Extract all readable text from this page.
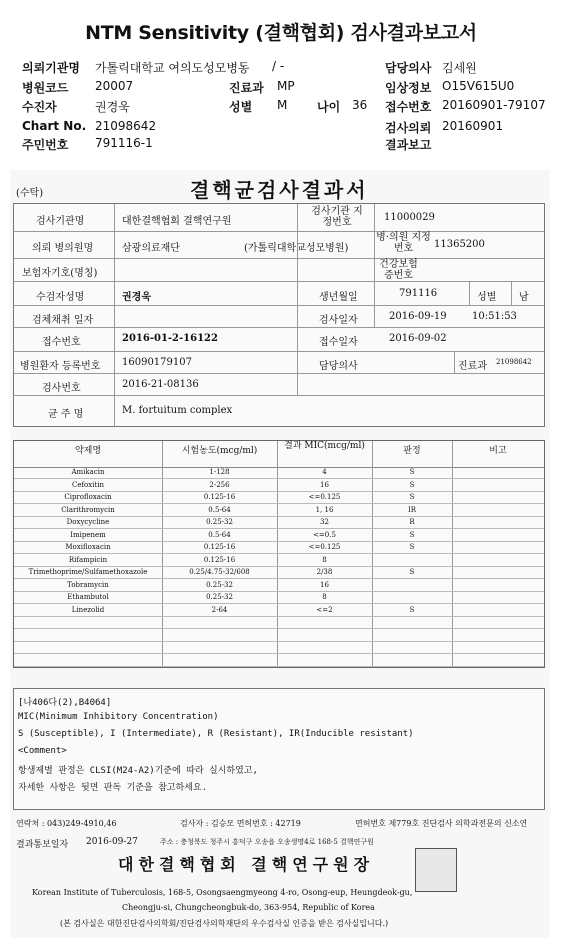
NTM Sensitivity (결핵협회) 검사결과보고서
의뢰기관명 가톨릭대학교 여의도성모병동 / -	담당의사 김세원
병원코드 20007	진료과 MP	임상정보 O15V615U0
수진자	권경욱	성별 M 나이 36 접수번호 20160901-79107
Chart No. 21098642	검사의뢰 20160901
주민번호 791116-1	결과보고
(수탁)	결핵균검사결과서
검사기관명	대한결핵협회 결핵연구원
검사기관 지정번호	11000029
의뢰 병의원명	삼광의료재단	(가톨릭대학교성모병원)
병·의원 지정번호	11365200
보험자기호(명칭)
건강보험 증번호
수검자성명	권경욱	생년월일	791116	성별 남
검체채취 일자	검사일자	2016-09-19	10:51:53
접수번호	2016-01-2-16122	접수일자	2016-09-02
병원환자 등록번호 16090179107	담당의사	진료과 21098642
검사번호	2016-21-08136
균 주 명	M. fortuitum complex
약제명	시험농도(mcg/ml)	결과 MIC(mcg/ml)	판정	비고
Amikacin	1-128	4	S
Cefoxitin	2-256	16	S
Ciprofloxacin	0.125-16	<=0.125	S
Clarithromycin	0.5-64	1, 16	IR
Doxycycline	0.25-32	32	R
Imipenem	0.5-64	<=0.5	S
Moxifloxacin	0.125-16	<=0.125	S
Rifampicin	0.125-16	8
Trimethoprime/Sulfamethoxazole	0.25/4.75-32/608	2/38	S
Tobramycin	0.25-32	16
Ethambutol	0.25-32	8
Linezolid	2-64	<=2	S
[나406다(2),B4064]
MIC(Minimum Inhibitory Concentration)
S (Susceptible), I (Intermediate), R (Resistant), IR(Inducible resistant)
<Comment>
항생제별 판정은 CLSI(M24-A2)기준에 따라 실시하였고,
자세한 사항은 뒷면 판독 기준을 참고하세요.
연락처 : 043)249-4910,46	검사자 : 김승모 면허번호 : 42719	면허번호 제779호 진단검사 의학과전문의 신소연
결과통보일자 2016-09-27	주소 : 충청북도 청주시 흥덕구 오송읍 오송생명4로 168-5 결핵연구원
대한결핵협회 결핵연구원장
Korean Institute of Tuberculosis, 168-5, Osongsaengmyeong 4-ro, Osong-eup, Heungdeok-gu,
Cheongju-si, Chungcheongbuk-do, 363-954, Republic of Korea
(본 검사실은 대한진단검사의학회/진단검사의학재단의 우수검사실 인증을 받은 검사실입니다.)
